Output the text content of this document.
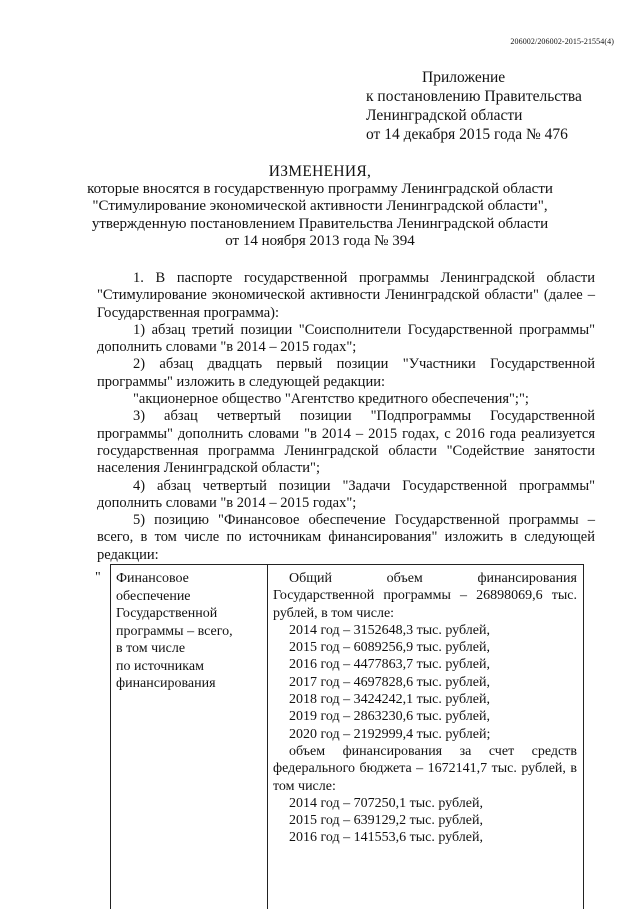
206002/206002-2015-21554(4)
Приложение
к постановлению Правительства
Ленинградской области
от 14 декабря 2015 года № 476
ИЗМЕНЕНИЯ,
которые вносятся в государственную программу Ленинградской области
"Стимулирование экономической активности Ленинградской области",
утвержденную постановлением Правительства Ленинградской области
от 14 ноября 2013 года № 394

1. В паспорте государственной программы Ленинградской области "Стимулирование экономической активности Ленинградской области" (далее – Государственная программа):

1) абзац третий позиции "Соисполнители Государственной программы" дополнить словами "в 2014 – 2015 годах";

2) абзац двадцать первый позиции "Участники Государственной программы" изложить в следующей редакции:

"акционерное общество "Агентство кредитного обеспечения";";

3) абзац четвертый позиции "Подпрограммы Государственной программы" дополнить словами "в 2014 – 2015 годах, с 2016 года реализуется государственная программа Ленинградской области "Содействие занятости населения Ленинградской области";

4) абзац четвертый позиции "Задачи Государственной программы" дополнить словами "в 2014 – 2015 годах";

5) позицию "Финансовое обеспечение Государственной программы – всего, в том числе по источникам финансирования" изложить в следующей редакции:

" Финансовое
обеспечение
Государственной
программы – всего,
в том числе
по источникам
финансирования

Общий объем финансирования Государственной программы – 26898069,6 тыс. рублей, в том числе:

2014 год – 3152648,3 тыс. рублей,

2015 год – 6089256,9 тыс. рублей,

2016 год – 4477863,7 тыс. рублей,

2017 год – 4697828,6 тыс. рублей,

2018 год – 3424242,1 тыс. рублей,

2019 год – 2863230,6 тыс. рублей,

2020 год – 2192999,4 тыс. рублей;

объем финансирования за счет средств федерального бюджета – 1672141,7 тыс. рублей, в том числе:

2014 год – 707250,1 тыс. рублей,

2015 год – 639129,2 тыс. рублей,

2016 год – 141553,6 тыс. рублей,
